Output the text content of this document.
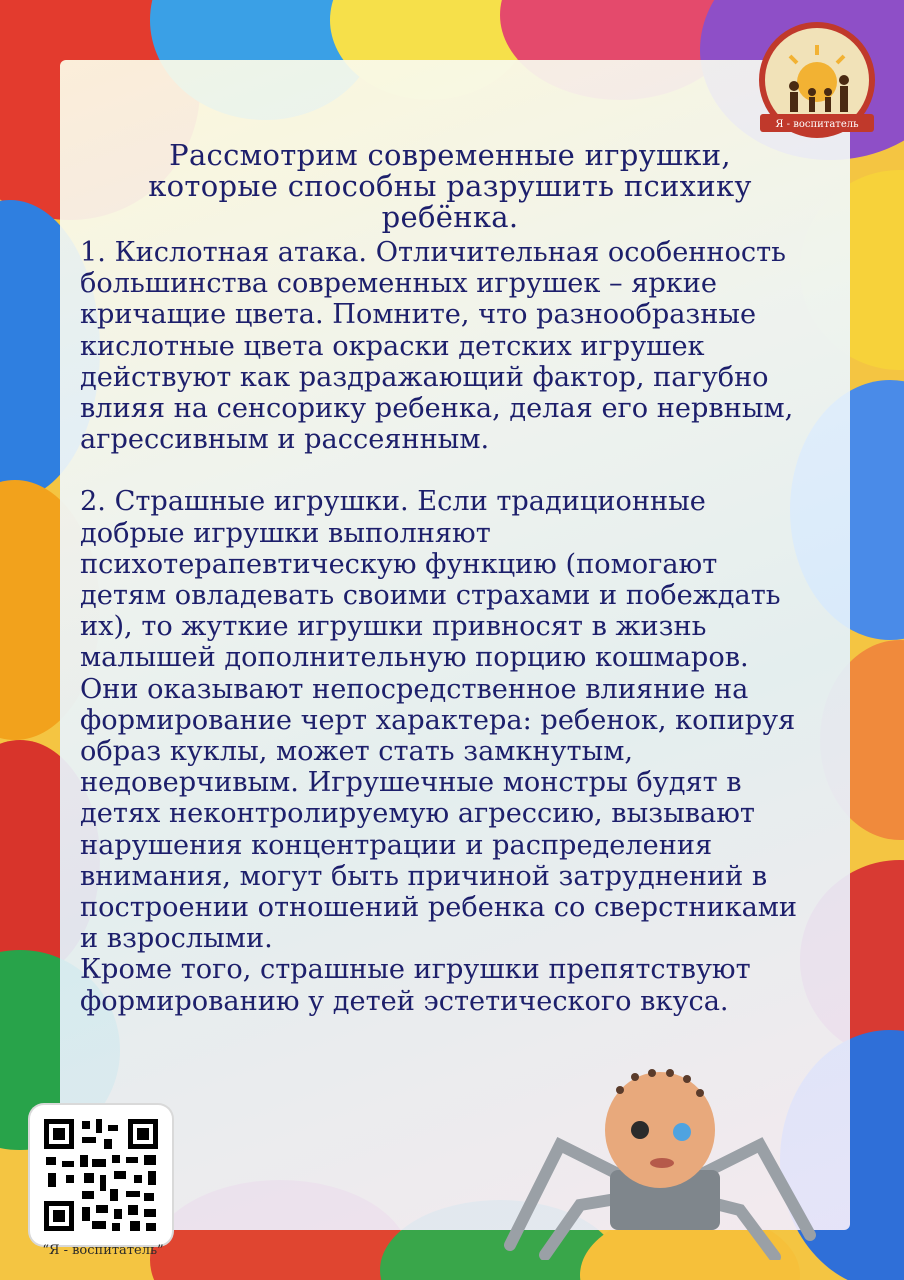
Я - воспитатель
Рассмотрим современные игрушки,
которые способны разрушить психику
ребёнка.

1. Кислотная атака. Отличительная особенность

большинства современных игрушек – яркие

кричащие цвета. Помните, что разнообразные

кислотные цвета окраски детских игрушек

действуют как раздражающий фактор, пагубно

влияя на сенсорику ребенка, делая его нервным,

агрессивным и рассеянным.

2. Страшные игрушки. Если традиционные

добрые игрушки выполняют

психотерапевтическую функцию (помогают

детям овладевать своими страхами и побеждать

их), то жуткие игрушки привносят в жизнь

малышей дополнительную порцию кошмаров.

Они оказывают непосредственное влияние на

формирование черт характера: ребенок, копируя

образ куклы, может стать замкнутым,

недоверчивым. Игрушечные монстры будят в

детях неконтролируемую агрессию, вызывают

нарушения концентрации и распределения

внимания, могут быть причиной затруднений в

построении отношений ребенка со сверстниками

и взрослыми.

Кроме того, страшные игрушки препятствуют

формированию у детей эстетического вкуса.

“Я - воспитатель”
